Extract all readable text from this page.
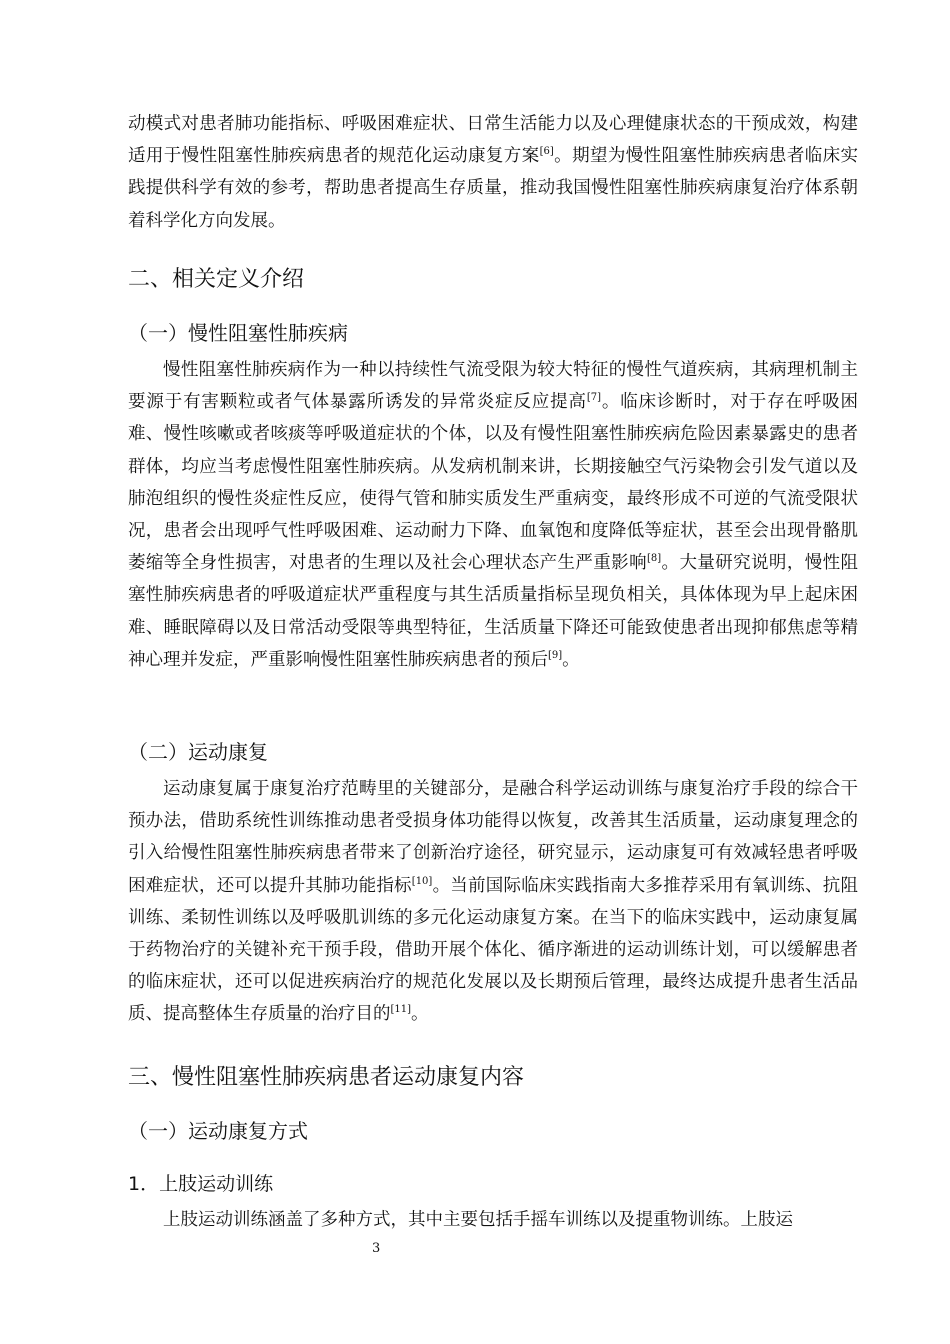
动模式对患者肺功能指标、呼吸困难症状、日常生活能力以及心理健康状态的干预成效，构建适用于慢性阻塞性肺疾病患者的规范化运动康复方案[6]。期望为慢性阻塞性肺疾病患者临床实践提供科学有效的参考，帮助患者提高生存质量，推动我国慢性阻塞性肺疾病康复治疗体系朝着科学化方向发展。

二、相关定义介绍
（一）慢性阻塞性肺疾病

慢性阻塞性肺疾病作为一种以持续性气流受限为较大特征的慢性气道疾病，其病理机制主要源于有害颗粒或者气体暴露所诱发的异常炎症反应提高[7]。临床诊断时，对于存在呼吸困难、慢性咳嗽或者咳痰等呼吸道症状的个体，以及有慢性阻塞性肺疾病危险因素暴露史的患者群体，均应当考虑慢性阻塞性肺疾病。从发病机制来讲，长期接触空气污染物会引发气道以及肺泡组织的慢性炎症性反应，使得气管和肺实质发生严重病变，最终形成不可逆的气流受限状况，患者会出现呼气性呼吸困难、运动耐力下降、血氧饱和度降低等症状，甚至会出现骨骼肌萎缩等全身性损害，对患者的生理以及社会心理状态产生严重影响[8]。大量研究说明，慢性阻塞性肺疾病患者的呼吸道症状严重程度与其生活质量指标呈现负相关，具体体现为早上起床困难、睡眠障碍以及日常活动受限等典型特征，生活质量下降还可能致使患者出现抑郁焦虑等精神心理并发症，严重影响慢性阻塞性肺疾病患者的预后[9]。

（二）运动康复

运动康复属于康复治疗范畴里的关键部分，是融合科学运动训练与康复治疗手段的综合干预办法，借助系统性训练推动患者受损身体功能得以恢复，改善其生活质量，运动康复理念的引入给慢性阻塞性肺疾病患者带来了创新治疗途径，研究显示，运动康复可有效减轻患者呼吸困难症状，还可以提升其肺功能指标[10]。当前国际临床实践指南大多推荐采用有氧训练、抗阻训练、柔韧性训练以及呼吸肌训练的多元化运动康复方案。在当下的临床实践中，运动康复属于药物治疗的关键补充干预手段，借助开展个体化、循序渐进的运动训练计划，可以缓解患者的临床症状，还可以促进疾病治疗的规范化发展以及长期预后管理，最终达成提升患者生活品质、提高整体生存质量的治疗目的[11]。

三、慢性阻塞性肺疾病患者运动康复内容
（一）运动康复方式
1．上肢运动训练

上肢运动训练涵盖了多种方式，其中主要包括手摇车训练以及提重物训练。上肢运

3
